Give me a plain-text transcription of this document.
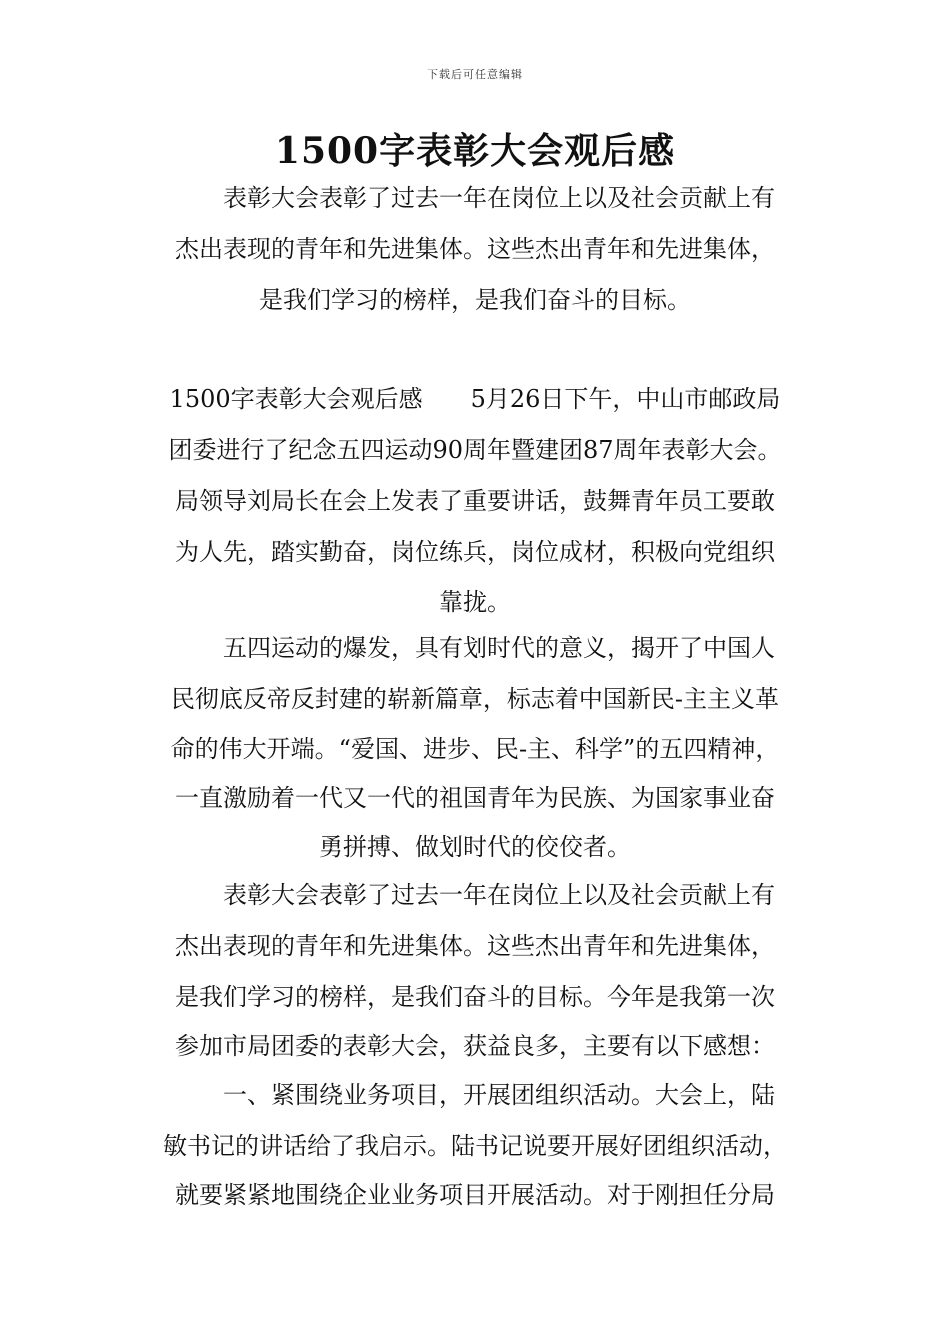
下载后可任意编辑
1500字表彰大会观后感
　　表彰大会表彰了过去一年在岗位上以及社会贡献上有
杰出表现的青年和先进集体。这些杰出青年和先进集体，
是我们学习的榜样，是我们奋斗的目标。
1500字表彰大会观后感　　5月26日下午，中山市邮政局
团委进行了纪念五四运动90周年暨建团87周年表彰大会。
局领导刘局长在会上发表了重要讲话，鼓舞青年员工要敢
为人先，踏实勤奋，岗位练兵，岗位成材，积极向党组织
靠拢。
　　五四运动的爆发，具有划时代的意义，揭开了中国人
民彻底反帝反封建的崭新篇章，标志着中国新民-主主义革
命的伟大开端。“爱国、进步、民-主、科学”的五四精神，
一直激励着一代又一代的祖国青年为民族、为国家事业奋
勇拼搏、做划时代的佼佼者。
　　表彰大会表彰了过去一年在岗位上以及社会贡献上有
杰出表现的青年和先进集体。这些杰出青年和先进集体，
是我们学习的榜样，是我们奋斗的目标。今年是我第一次
参加市局团委的表彰大会，获益良多，主要有以下感想：
　　一、紧围绕业务项目，开展团组织活动。大会上，陆
敏书记的讲话给了我启示。陆书记说要开展好团组织活动，
就要紧紧地围绕企业业务项目开展活动。对于刚担任分局
